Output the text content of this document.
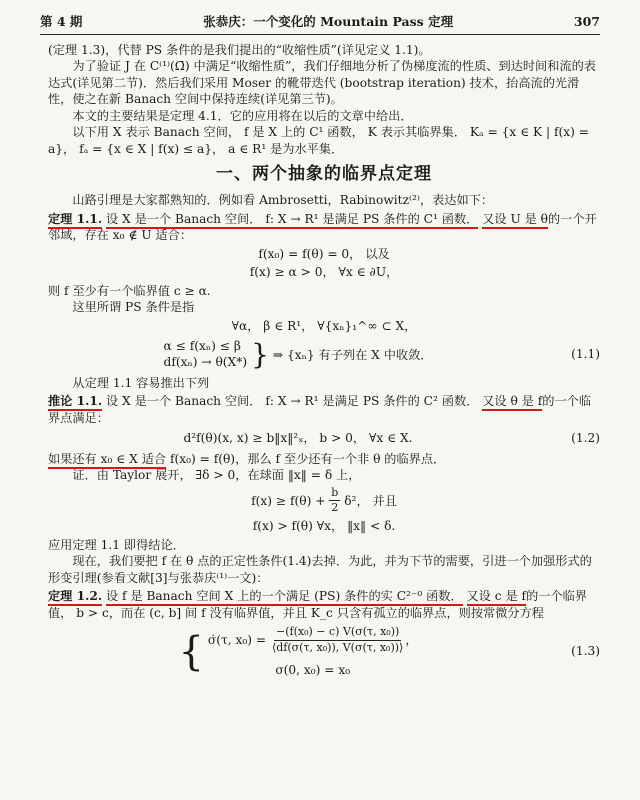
第 4 期	张恭庆：一个变化的 Mountain Pass 定理	307

(定理 1.3)，代替 PS 条件的是我们提出的“收缩性质”(详见定义 1.1)。

为了验证 J 在 C⁽¹⁾(Ω̄) 中满足“收缩性质”，我们仔细地分析了伪梯度流的性质、到达时间和流的表达式(详见第二节)．然后我们采用 Moser 的靴带迭代 (bootstrap iteration) 技术，抬高流的光滑性，使之在新 Banach 空间中保持连续(详见第三节)。

本文的主要结果是定理 4.1．它的应用将在以后的文章中给出．

以下用 X 表示 Banach 空间， f 是 X 上的 C¹ 函数， K 表示其临界集． Kₐ = {x ∈ K | f(x) = a}， fₐ = {x ∈ X | f(x) ≤ a}， a ∈ R¹ 是为水平集．

一、两个抽象的临界点定理

山路引理是大家都熟知的．例如看 Ambrosetti，Rabinowitz⁽²⁾，表达如下：

定理 1.1. 设 X 是一个 Banach 空间． f: X → R¹ 是满足 PS 条件的 C¹ 函数． 又设 U 是 θ的一个开邻域，存在 x₀ ∉ U 适合：

f(x₀) = f(θ) = 0， 以及
f(x) ≥ α > 0， ∀x ∈ ∂U，

则 f 至少有一个临界值 c ≥ α.

这里所谓 PS 条件是指

∀α， β ∈ R¹， ∀{xₙ}₁^∞ ⊂ X，
α ≤ f(xₙ) ≤ β
df(xₙ) → θ(X*) } ⇒ {xₙ} 有子列在 X 中收敛．	(1.1)

从定理 1.1 容易推出下列

推论 1.1. 设 X 是一个 Banach 空间． f: X → R¹ 是满足 PS 条件的 C² 函数． 又设 θ 是 f的一个临界点满足：

d²f(θ)(x, x) ≥ b‖x‖²ₓ， b > 0， ∀x ∈ X.	(1.2)

如果还有 x₀ ∈ X 适合 f(x₀) = f(θ)，那么 f 至少还有一个非 θ 的临界点．

证．由 Taylor 展开， ∃δ > 0，在球面 ‖x‖ = δ 上，

$f(x) \ge f(\theta) + \frac{b}{2} \delta^2$， 并且
f(x) > f(θ) ∀x， ‖x‖ < δ.

应用定理 1.1 即得结论．

现在，我们要把 f 在 θ 点的正定性条件(1.4)去掉．为此，并为下节的需要，引进一个加强形式的形变引理(参看文献[3]与张恭庆⁽¹⁾一文)：

定理 1.2. 设 f 是 Banach 空间 X 上的一个满足 (PS) 条件的实 C²⁻⁰ 函数． 又设 c 是 f的一个临界值， b > c，而在 (c, b] 间 f 没有临界值，并且 K_c 只含有孤立的临界点，则按常微分方程

{ σ̇(τ, $x_0) = \frac{\text{−(f(x₀) − c) V(σ(τ, x₀))}}{\text{⟨df(σ(τ, x₀)), V(σ(τ, x₀))⟩}}$ ，
σ(0, x₀) = x₀
(1.3)
